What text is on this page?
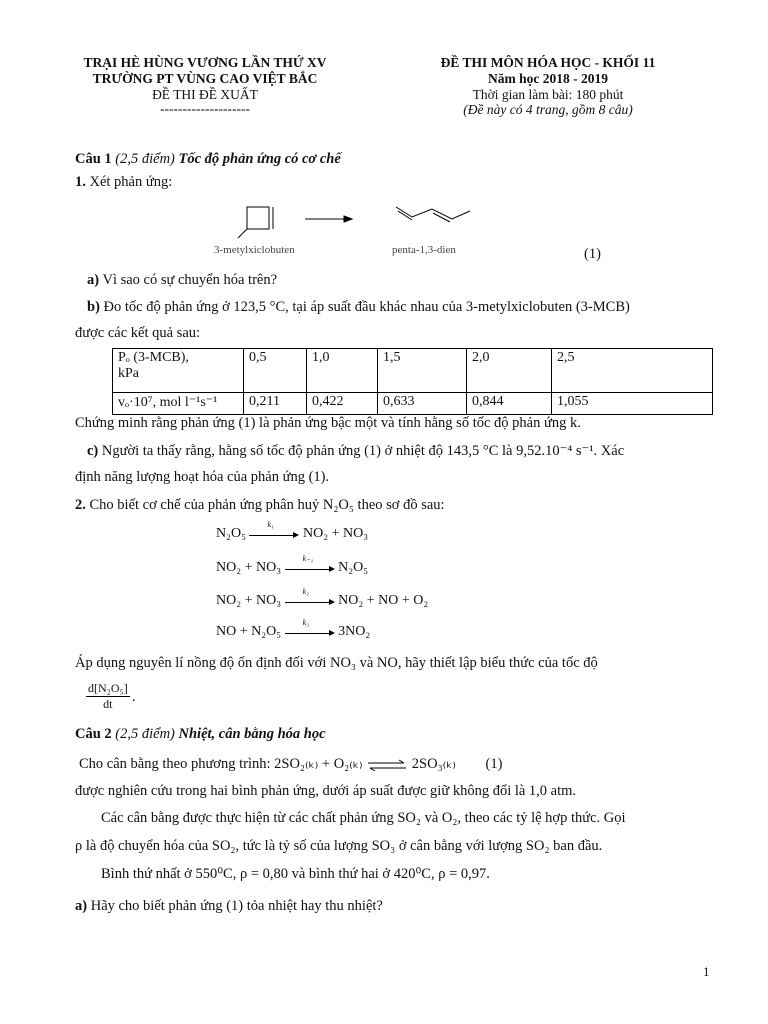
TRẠI HÈ HÙNG VƯƠNG LẦN THỨ XV
TRƯỜNG PT VÙNG CAO VIỆT BẮC
ĐỀ THI ĐỀ XUẤT
--------------------
ĐỀ THI MÔN HÓA HỌC - KHỐI 11
Năm học 2018 - 2019
Thời gian làm bài: 180 phút
(Đề này có 4 trang, gồm 8 câu)
Câu 1 (2,5 điểm) Tốc độ phản ứng có cơ chế
1. Xét phản ứng:
3-metylxiclobuten	penta-1,3-dien	(1)
a) Vì sao có sự chuyển hóa trên?
b) Đo tốc độ phản ứng ở 123,5 °C, tại áp suất đầu khác nhau của 3-metylxiclobuten (3-MCB)
được các kết quả sau:
Pₒ (3-MCB),
kPa	0,5	1,0	1,5	2,0	2,5
vₒ·10⁷, mol l⁻¹s⁻¹	0,211	0,422	0,633	0,844	1,055
Chứng minh rằng phản ứng (1) là phản ứng bậc một và tính hằng số tốc độ phản ứng k.
c) Người ta thấy rằng, hằng số tốc độ phản ứng (1) ở nhiệt độ 143,5 °C là 9,52.10⁻⁴ s⁻¹. Xác
định năng lượng hoạt hóa của phản ứng (1).
2. Cho biết cơ chế của phản ứng phân huỷ N₂O₅ theo sơ đồ sau:
N₂O₅
k₁
NO₂ + NO₃
NO₂ + NO₃
k₋₁
N₂O₅
NO₂ + NO₃
k₂
NO₂ + NO + O₂
NO + N₂O₅
k₃
3NO₂
Áp dụng nguyên lí nồng độ ổn định đối với NO₃ và NO, hãy thiết lập biểu thức của tốc độ
$\frac{\text{d[N₂O₅]}}{dt}$ .
Câu 2 (2,5 điểm) Nhiệt, cân bằng hóa học
Cho cân bằng theo phương trình: 2SO₂₍ₖ₎ + O₂₍ₖ₎ ⇌ 2SO₃₍ₖ₎ (1)
được nghiên cứu trong hai bình phản ứng, dưới áp suất được giữ không đổi là 1,0 atm.
Các cân bằng được thực hiện từ các chất phản ứng SO₂ và O₂, theo các tỷ lệ hợp thức. Gọi
ρ là độ chuyển hóa của SO₂, tức là tỷ số của lượng SO₃ ở cân bằng với lượng SO₂ ban đầu.
Bình thứ nhất ở 550⁰C, ρ = 0,80 và bình thứ hai ở 420⁰C, ρ = 0,97.
a) Hãy cho biết phản ứng (1) tỏa nhiệt hay thu nhiệt?
1
